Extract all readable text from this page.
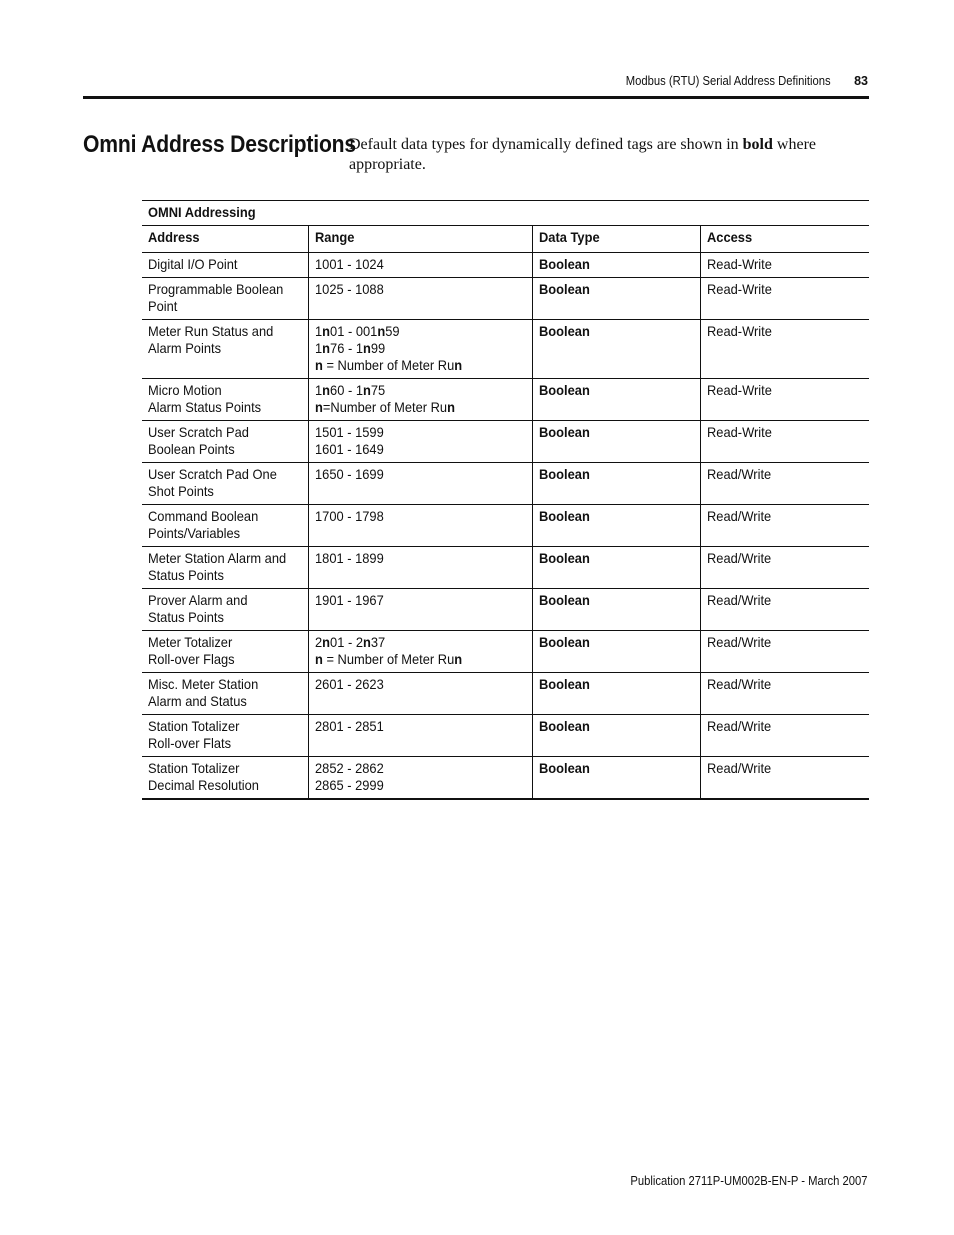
Modbus (RTU) Serial Address Definitions 83
Omni Address Descriptions
Default data types for dynamically defined tags are shown in bold where appropriate.
OMNI Addressing			
Address	Range	Data Type	Access

Digital I/O Point	1001 - 1024	Boolean	Read-Write

Programmable Boolean
Point	1025 - 1088	Boolean	Read-Write

Meter Run Status and
Alarm Points	1n01 - 001n59
1n76 - 1n99
n = Number of Meter Run	Boolean	Read-Write

Micro Motion
Alarm Status Points	1n60 - 1n75
n=Number of Meter Run	Boolean	Read-Write

User Scratch Pad
Boolean Points	1501 - 1599
1601 - 1649	Boolean	Read-Write

User Scratch Pad One
Shot Points	1650 - 1699	Boolean	Read/Write

Command Boolean
Points/Variables	1700 - 1798	Boolean	Read/Write

Meter Station Alarm and
Status Points	1801 - 1899	Boolean	Read/Write

Prover Alarm and
Status Points	1901 - 1967	Boolean	Read/Write

Meter Totalizer
Roll-over Flags	2n01 - 2n37
n = Number of Meter Run	Boolean	Read/Write

Misc. Meter Station
Alarm and Status	2601 - 2623	Boolean	Read/Write

Station Totalizer
Roll-over Flats	2801 - 2851	Boolean	Read/Write

Station Totalizer
Decimal Resolution	2852 - 2862
2865 - 2999	Boolean	Read/Write
Publication 2711P-UM002B-EN-P - March 2007
